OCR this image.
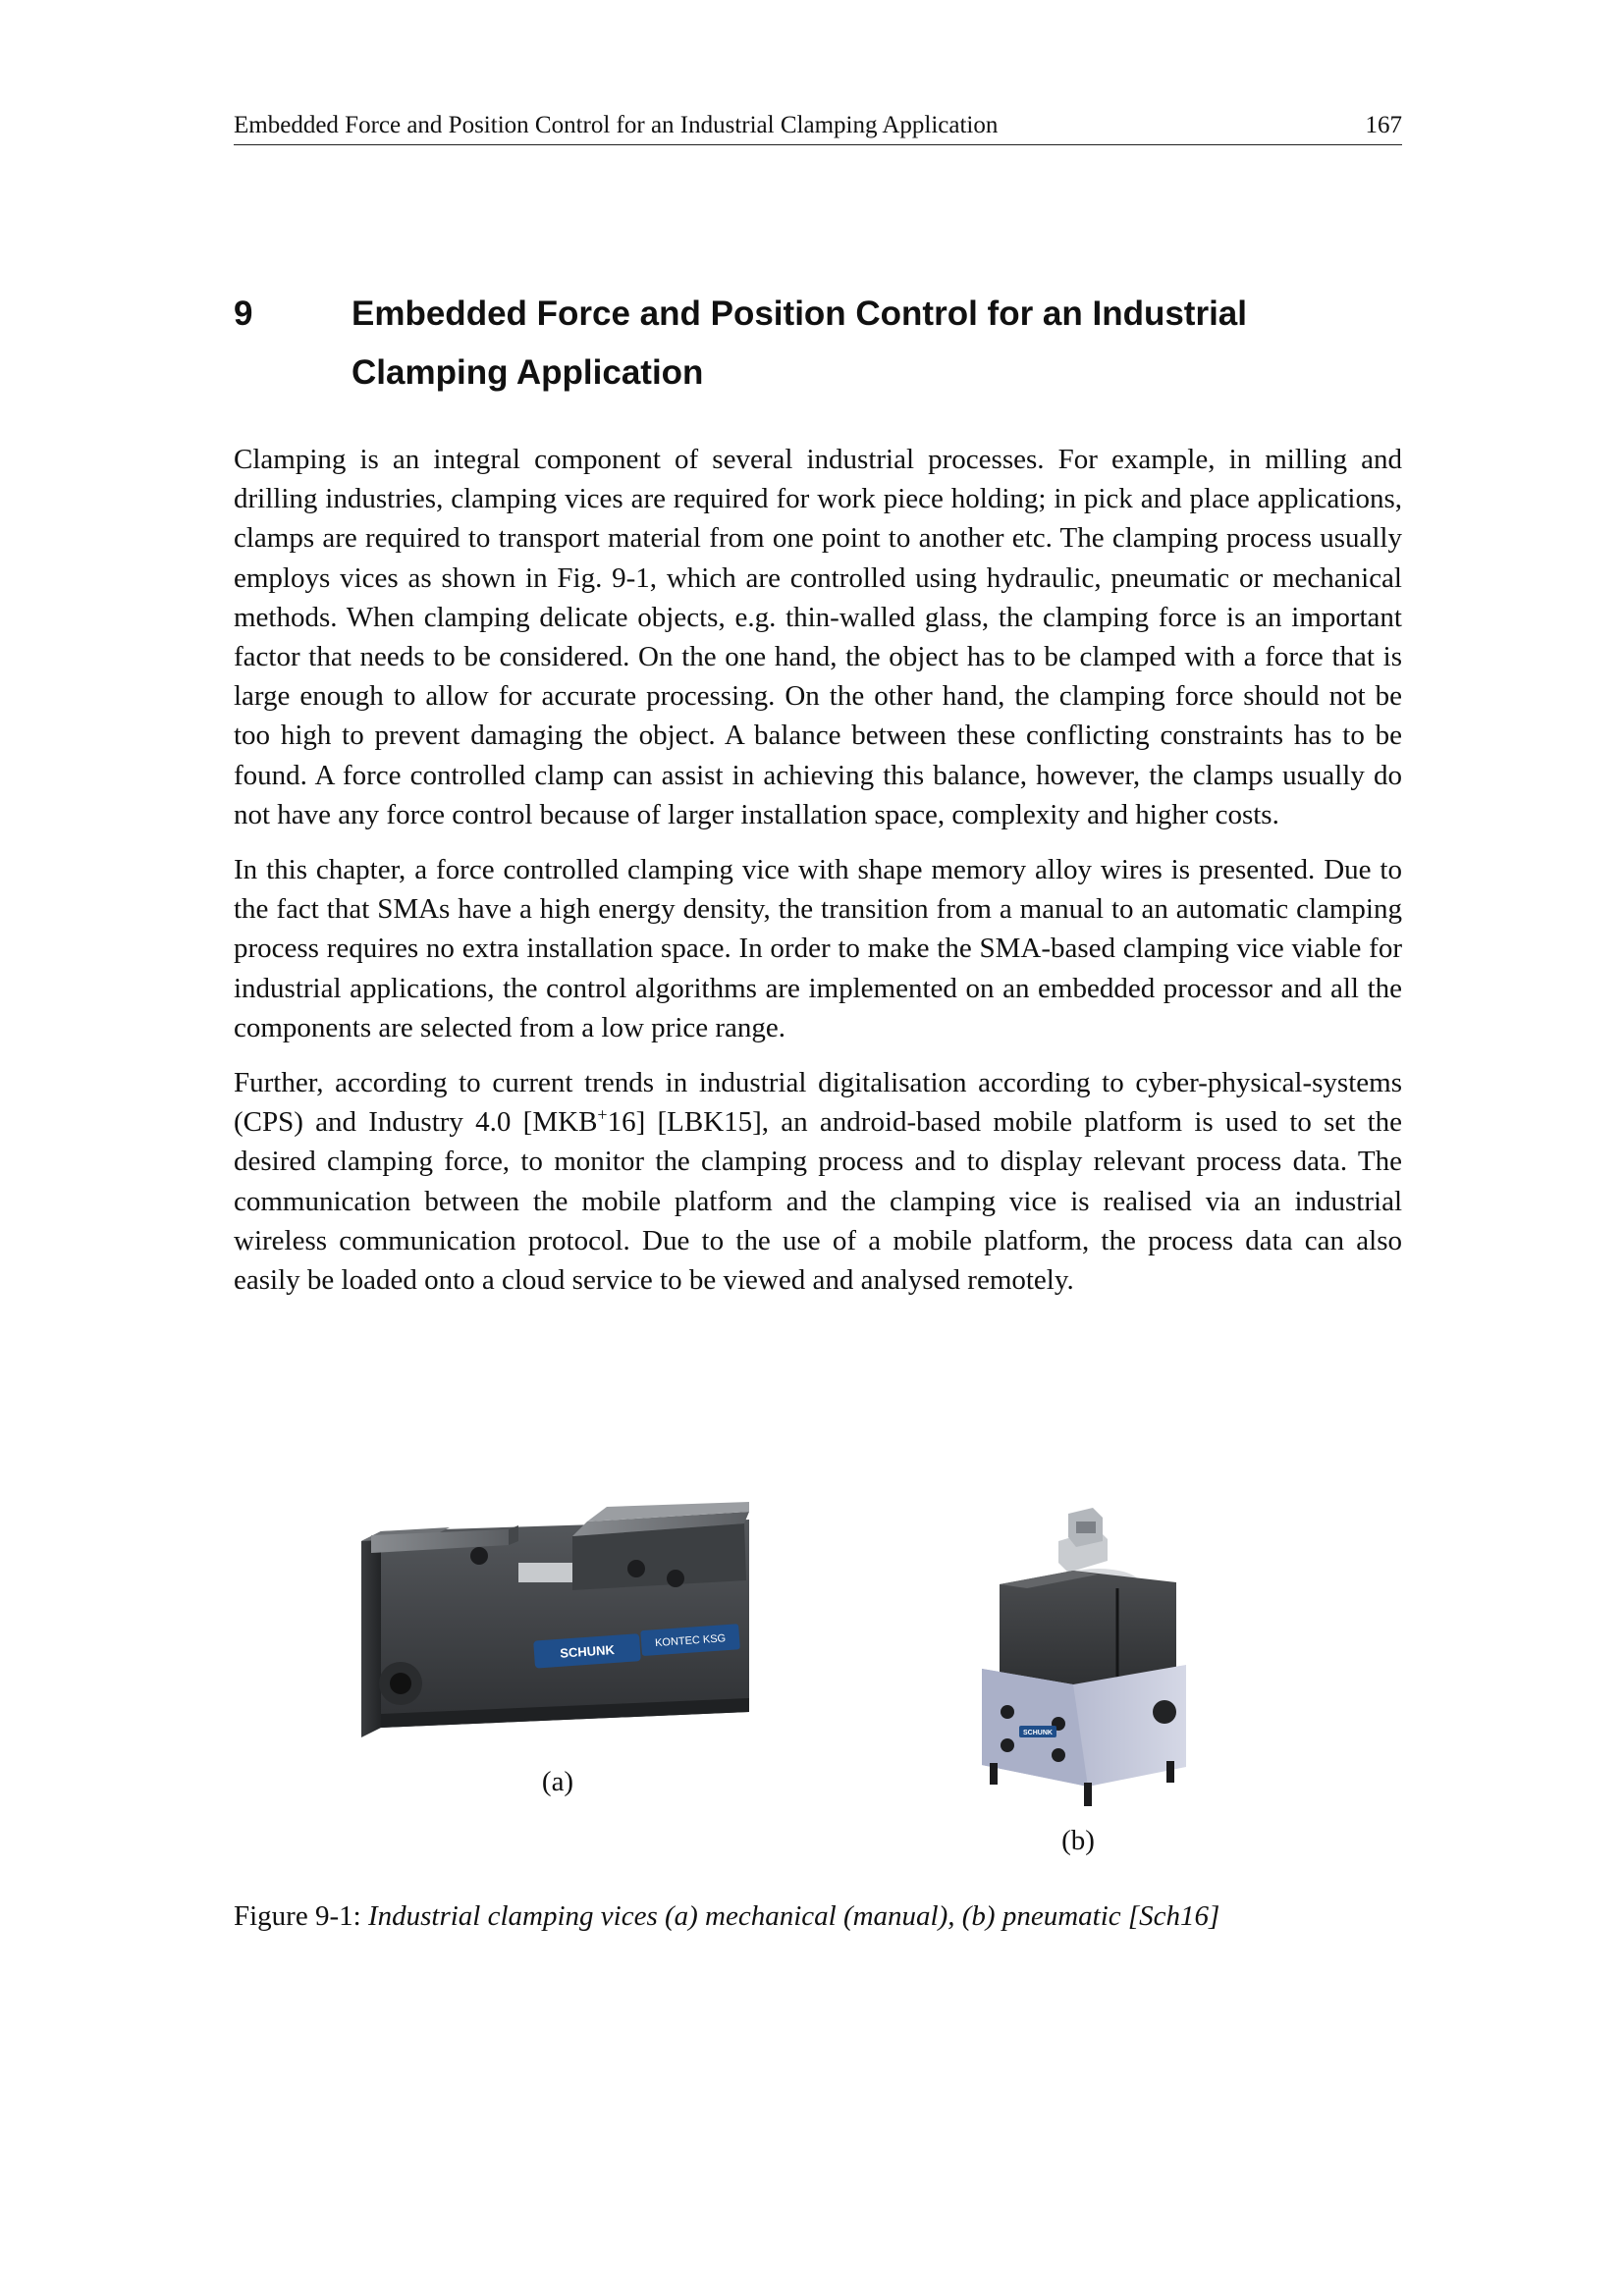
Embedded Force and Position Control for an Industrial Clamping Application	167
9	Embedded Force and Position Control for an Industrial
Clamping Application

Clamping is an integral component of several industrial processes. For example, in milling and drilling industries, clamping vices are required for work piece holding; in pick and place applications, clamps are required to transport material from one point to another etc. The clamping process usually employs vices as shown in Fig. 9-1, which are controlled using hydraulic, pneumatic or mechanical methods. When clamping delicate objects, e.g. thin-walled glass, the clamping force is an important factor that needs to be considered. On the one hand, the object has to be clamped with a force that is large enough to allow for accurate processing. On the other hand, the clamping force should not be too high to prevent damaging the object. A balance between these conflicting constraints has to be found. A force controlled clamp can assist in achieving this balance, however, the clamps usually do not have any force control because of larger installation space, complexity and higher costs.

In this chapter, a force controlled clamping vice with shape memory alloy wires is presented. Due to the fact that SMAs have a high energy density, the transition from a manual to an automatic clamping process requires no extra installation space. In order to make the SMA-based clamping vice viable for industrial applications, the control algorithms are implemented on an embedded processor and all the components are selected from a low price range.

Further, according to current trends in industrial digitalisation according to cyber-physical-systems (CPS) and Industry 4.0 [MKB+16] [LBK15], an android-based mobile platform is used to set the desired clamping force, to monitor the clamping process and to display relevant process data. The communication between the mobile platform and the clamping vice is realised via an industrial wireless communication protocol. Due to the use of a mobile platform, the process data can also easily be loaded onto a cloud service to be viewed and analysed remotely.

SCHUNK
KONTEC KSG
(a)
SCHUNK
(b)
Figure 9-1: Industrial clamping vices (a) mechanical (manual), (b) pneumatic [Sch16]
